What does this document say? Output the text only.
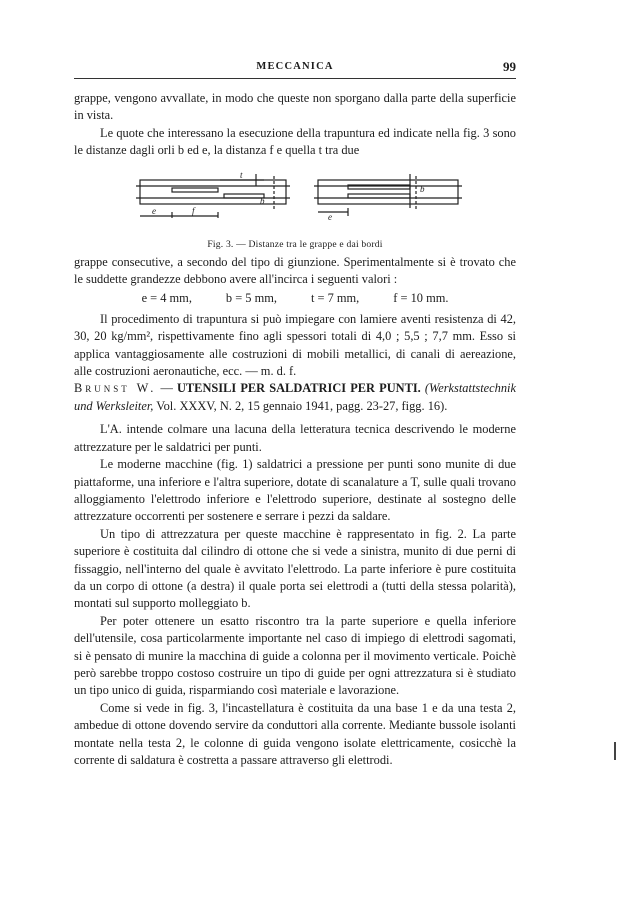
MECCANICA	99

grappe, vengono avvallate, in modo che queste non sporgano dalla parte della superficie in vista.

Le quote che interessano la esecuzione della trapuntura ed indicate nella fig. 3 sono le distanze dagli orli b ed e, la distanza f e quella t tra due

e	f
t
b
e
b
Fig. 3. — Distanze tra le grappe e dai bordi

grappe consecutive, a secondo del tipo di giunzione. Sperimentalmente si è trovato che le suddette grandezze debbono avere all'incirca i seguenti valori :

e = 4 mm,	b = 5 mm,	t = 7 mm,	f = 10 mm.

Il procedimento di trapuntura si può impiegare con lamiere aventi resistenza di 42, 30, 20 kg/mm², rispettivamente fino agli spessori totali di 4,0 ; 5,5 ; 7,7 mm. Esso si applica vantaggiosamente alle costruzioni di mobili metallici, di canali di aereazione, alle costruzioni aeronautiche, ecc. — m. d. f.

Brunst W. — UTENSILI PER SALDATRICI PER PUNTI. (Werkstattstechnik und Werksleiter, Vol. XXXV, N. 2, 15 gennaio 1941, pagg. 23-27, figg. 16).

L'A. intende colmare una lacuna della letteratura tecnica descrivendo le moderne attrezzature per le saldatrici per punti.

Le moderne macchine (fig. 1) saldatrici a pressione per punti sono munite di due piattaforme, una inferiore e l'altra superiore, dotate di scanalature a T, sulle quali trovano alloggiamento l'elettrodo inferiore e l'elettrodo superiore, destinate al sostegno delle attrezzature occorrenti per sostenere e serrare i pezzi da saldare.

Un tipo di attrezzatura per queste macchine è rappresentato in fig. 2. La parte superiore è costituita dal cilindro di ottone che si vede a sinistra, munito di due perni di fissaggio, nell'interno del quale è avvitato l'elettrodo. La parte inferiore è pure costituita da un corpo di ottone (a destra) il quale porta sei elettrodi a (tutti della stessa polarità), montati sul supporto molleggiato b.

Per poter ottenere un esatto riscontro tra la parte superiore e quella inferiore dell'utensile, cosa particolarmente importante nel caso di impiego di elettrodi sagomati, si è pensato di munire la macchina di guide a colonna per il movimento verticale. Poichè però sarebbe troppo costoso costruire un tipo di guide per ogni attrezzatura si è studiato un tipo unico di guida, risparmiando così materiale e lavorazione.

Come si vede in fig. 3, l'incastellatura è costituita da una base 1 e da una testa 2, ambedue di ottone dovendo servire da conduttori alla corrente. Mediante bussole isolanti montate nella testa 2, le colonne di guida vengono isolate elettricamente, cosicchè la corrente di saldatura è costretta a passare attraverso gli elettrodi.
